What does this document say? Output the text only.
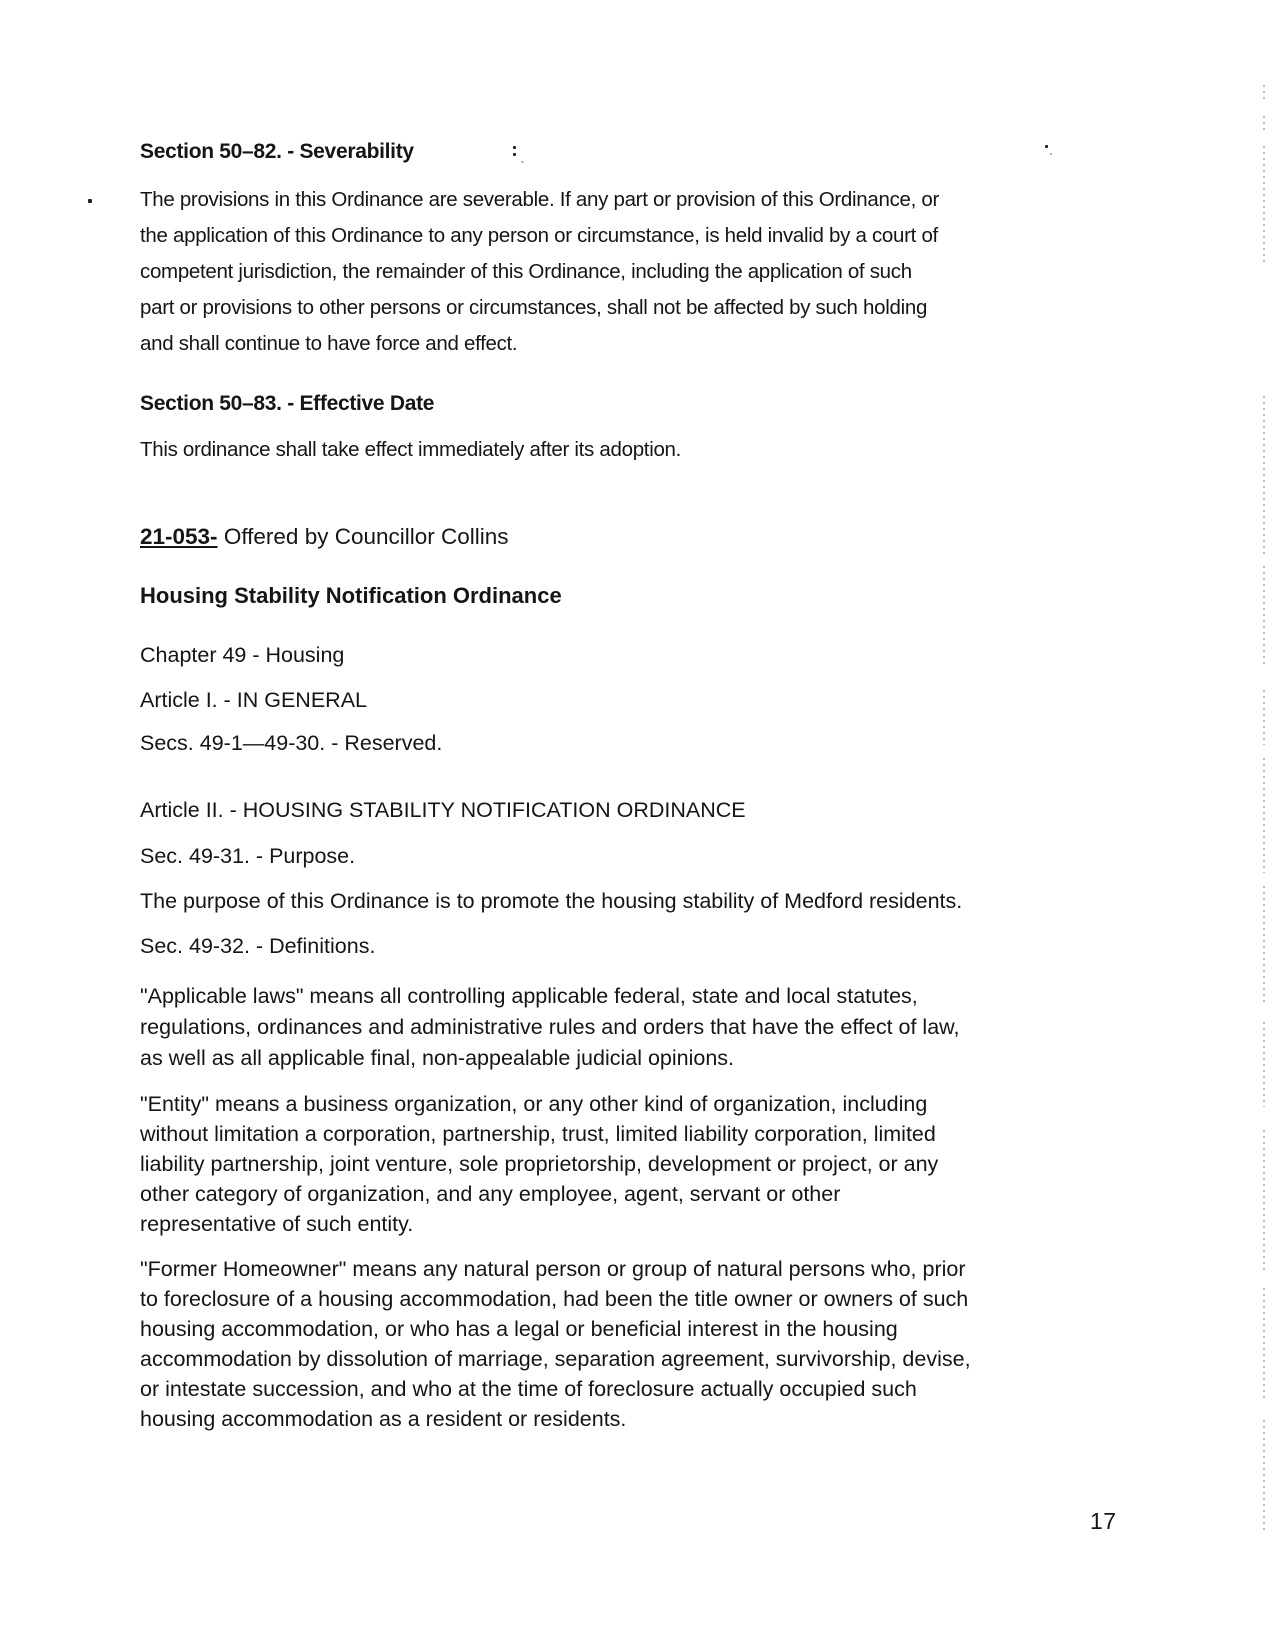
Section 50–82. - Severability
The provisions in this Ordinance are severable. If any part or provision of this Ordinance, or
the application of this Ordinance to any person or circumstance, is held invalid by a court of
competent jurisdiction, the remainder of this Ordinance, including the application of such
part or provisions to other persons or circumstances, shall not be affected by such holding
and shall continue to have force and effect.
Section 50–83. - Effective Date
This ordinance shall take effect immediately after its adoption.
21-053- Offered by Councillor Collins
Housing Stability Notification Ordinance
Chapter 49 - Housing
Article I. - IN GENERAL
Secs. 49-1—49-30. - Reserved.
Article II. - HOUSING STABILITY NOTIFICATION ORDINANCE
Sec. 49-31. - Purpose.
The purpose of this Ordinance is to promote the housing stability of Medford residents.
Sec. 49-32. - Definitions.
"Applicable laws" means all controlling applicable federal, state and local statutes,
regulations, ordinances and administrative rules and orders that have the effect of law,
as well as all applicable final, non-appealable judicial opinions.
"Entity" means a business organization, or any other kind of organization, including
without limitation a corporation, partnership, trust, limited liability corporation, limited
liability partnership, joint venture, sole proprietorship, development or project, or any
other category of organization, and any employee, agent, servant or other
representative of such entity.
"Former Homeowner" means any natural person or group of natural persons who, prior
to foreclosure of a housing accommodation, had been the title owner or owners of such
housing accommodation, or who has a legal or beneficial interest in the housing
accommodation by dissolution of marriage, separation agreement, survivorship, devise,
or intestate succession, and who at the time of foreclosure actually occupied such
housing accommodation as a resident or residents.
17
